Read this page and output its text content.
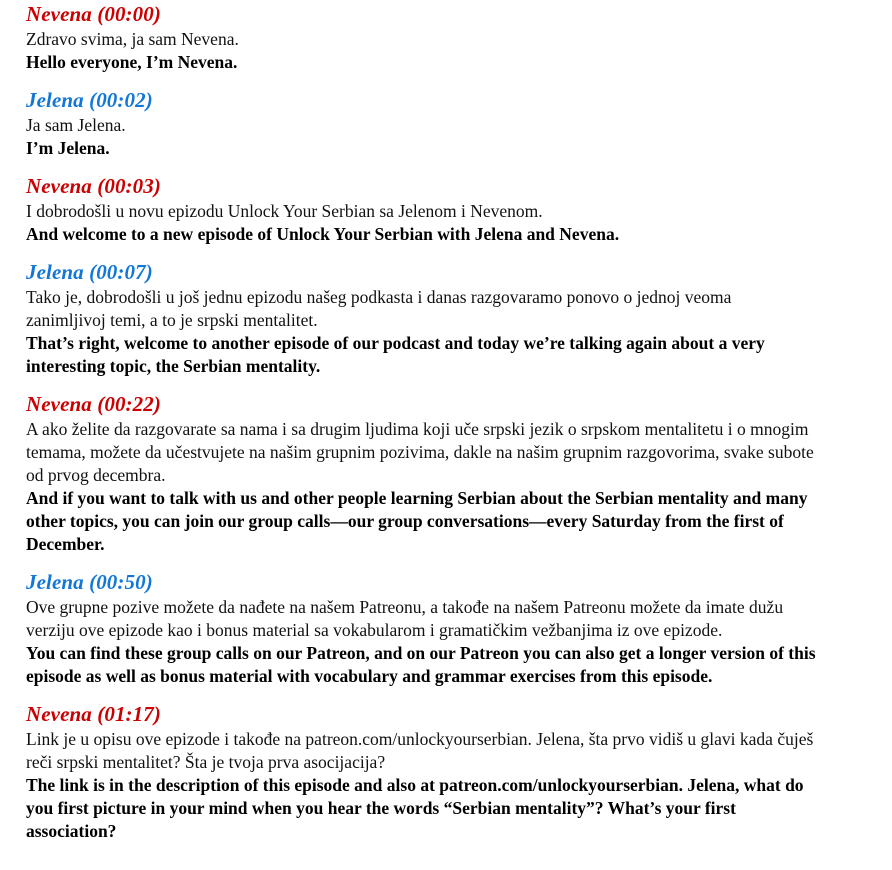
Nevena (00:00)
Zdravo svima, ja sam Nevena.
Hello everyone, I’m Nevena.
Jelena (00:02)
Ja sam Jelena.
I’m Jelena.
Nevena (00:03)
I dobrodošli u novu epizodu Unlock Your Serbian sa Jelenom i Nevenom.
And welcome to a new episode of Unlock Your Serbian with Jelena and Nevena.
Jelena (00:07)
Tako je, dobrodošli u još jednu epizodu našeg podkasta i danas razgovaramo ponovo o jednoj veoma zanimljivoj temi, a to je srpski mentalitet.
That’s right, welcome to another episode of our podcast and today we’re talking again about a very interesting topic, the Serbian mentality.
Nevena (00:22)
A ako želite da razgovarate sa nama i sa drugim ljudima koji uče srpski jezik o srpskom mentalitetu i o mnogim temama, možete da učestvujete na našim grupnim pozivima, dakle na našim grupnim razgovorima, svake subote od prvog decembra.
And if you want to talk with us and other people learning Serbian about the Serbian mentality and many other topics, you can join our group calls—our group conversations—every Saturday from the first of December.
Jelena (00:50)
Ove grupne pozive možete da nađete na našem Patreonu, a takođe na našem Patreonu možete da imate dužu verziju ove epizode kao i bonus material sa vokabularom i gramatičkim vežbanjima iz ove epizode.
You can find these group calls on our Patreon, and on our Patreon you can also get a longer version of this episode as well as bonus material with vocabulary and grammar exercises from this episode.
Nevena (01:17)
Link je u opisu ove epizode i takođe na patreon.com/unlockyourserbian. Jelena, šta prvo vidiš u glavi kada čuješ reči srpski mentalitet? Šta je tvoja prva asocijacija?
The link is in the description of this episode and also at patreon.com/unlockyourserbian. Jelena, what do you first picture in your mind when you hear the words “Serbian mentality”? What’s your first association?
